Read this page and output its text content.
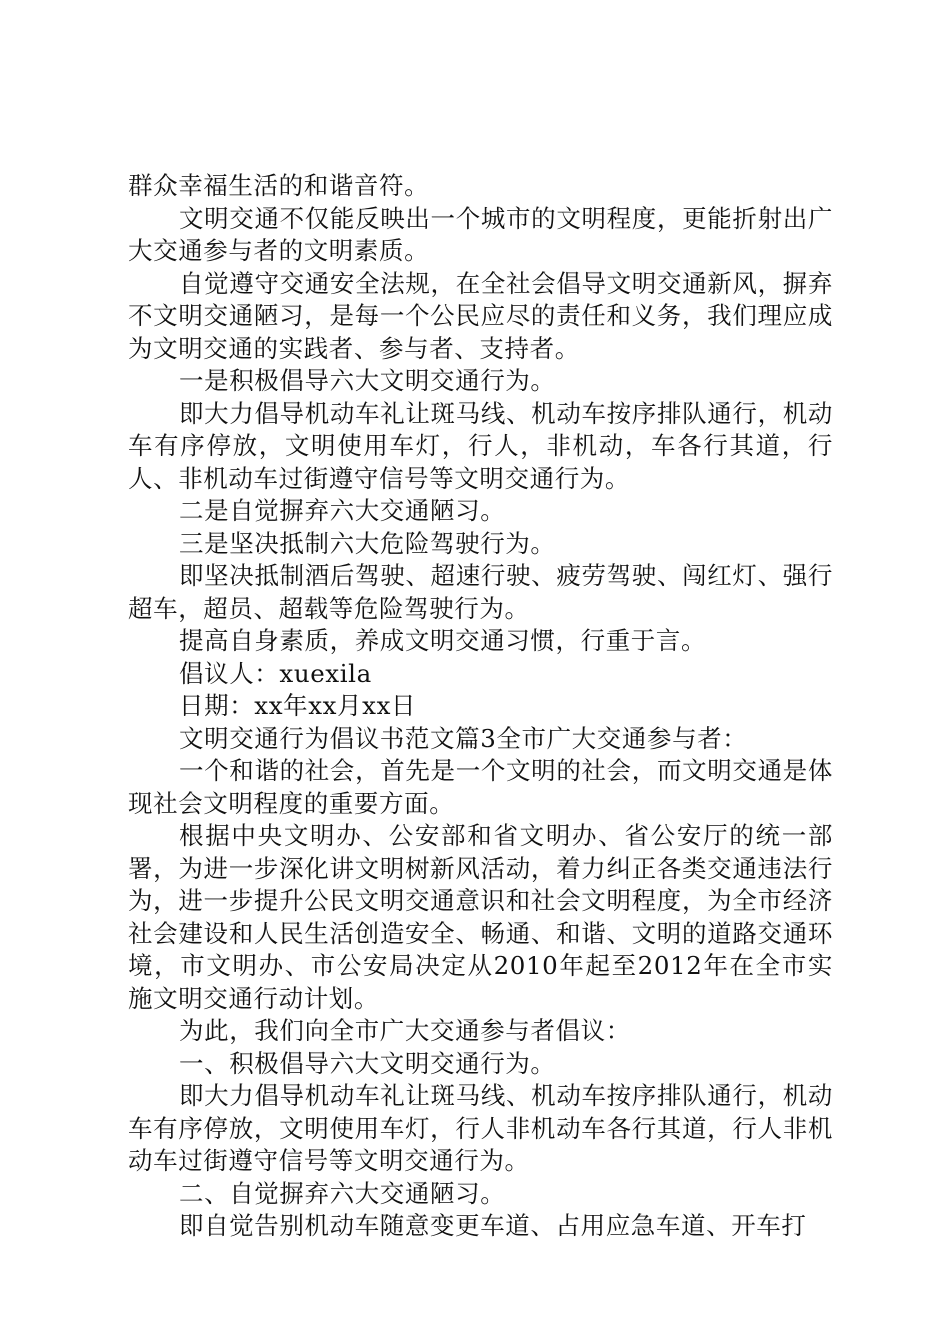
群众幸福生活的和谐音符。

文明交通不仅能反映出一个城市的文明程度，更能折射出广大交通参与者的文明素质。

自觉遵守交通安全法规，在全社会倡导文明交通新风，摒弃不文明交通陋习，是每一个公民应尽的责任和义务，我们理应成为文明交通的实践者、参与者、支持者。

一是积极倡导六大文明交通行为。

即大力倡导机动车礼让斑马线、机动车按序排队通行，机动车有序停放，文明使用车灯，行人，非机动，车各行其道，行人、非机动车过街遵守信号等文明交通行为。

二是自觉摒弃六大交通陋习。

三是坚决抵制六大危险驾驶行为。

即坚决抵制酒后驾驶、超速行驶、疲劳驾驶、闯红灯、强行超车，超员、超载等危险驾驶行为。

提高自身素质，养成文明交通习惯，行重于言。

倡议人：xuexila

日期：xx年xx月xx日

文明交通行为倡议书范文篇3全市广大交通参与者：

一个和谐的社会，首先是一个文明的社会，而文明交通是体现社会文明程度的重要方面。

根据中央文明办、公安部和省文明办、省公安厅的统一部署，为进一步深化讲文明树新风活动，着力纠正各类交通违法行为，进一步提升公民文明交通意识和社会文明程度，为全市经济社会建设和人民生活创造安全、畅通、和谐、文明的道路交通环境，市文明办、市公安局决定从2010年起至2012年在全市实施文明交通行动计划。

为此，我们向全市广大交通参与者倡议：

一、积极倡导六大文明交通行为。

即大力倡导机动车礼让斑马线、机动车按序排队通行，机动车有序停放，文明使用车灯，行人非机动车各行其道，行人非机动车过街遵守信号等文明交通行为。

二、自觉摒弃六大交通陋习。

即自觉告别机动车随意变更车道、占用应急车道、开车打
